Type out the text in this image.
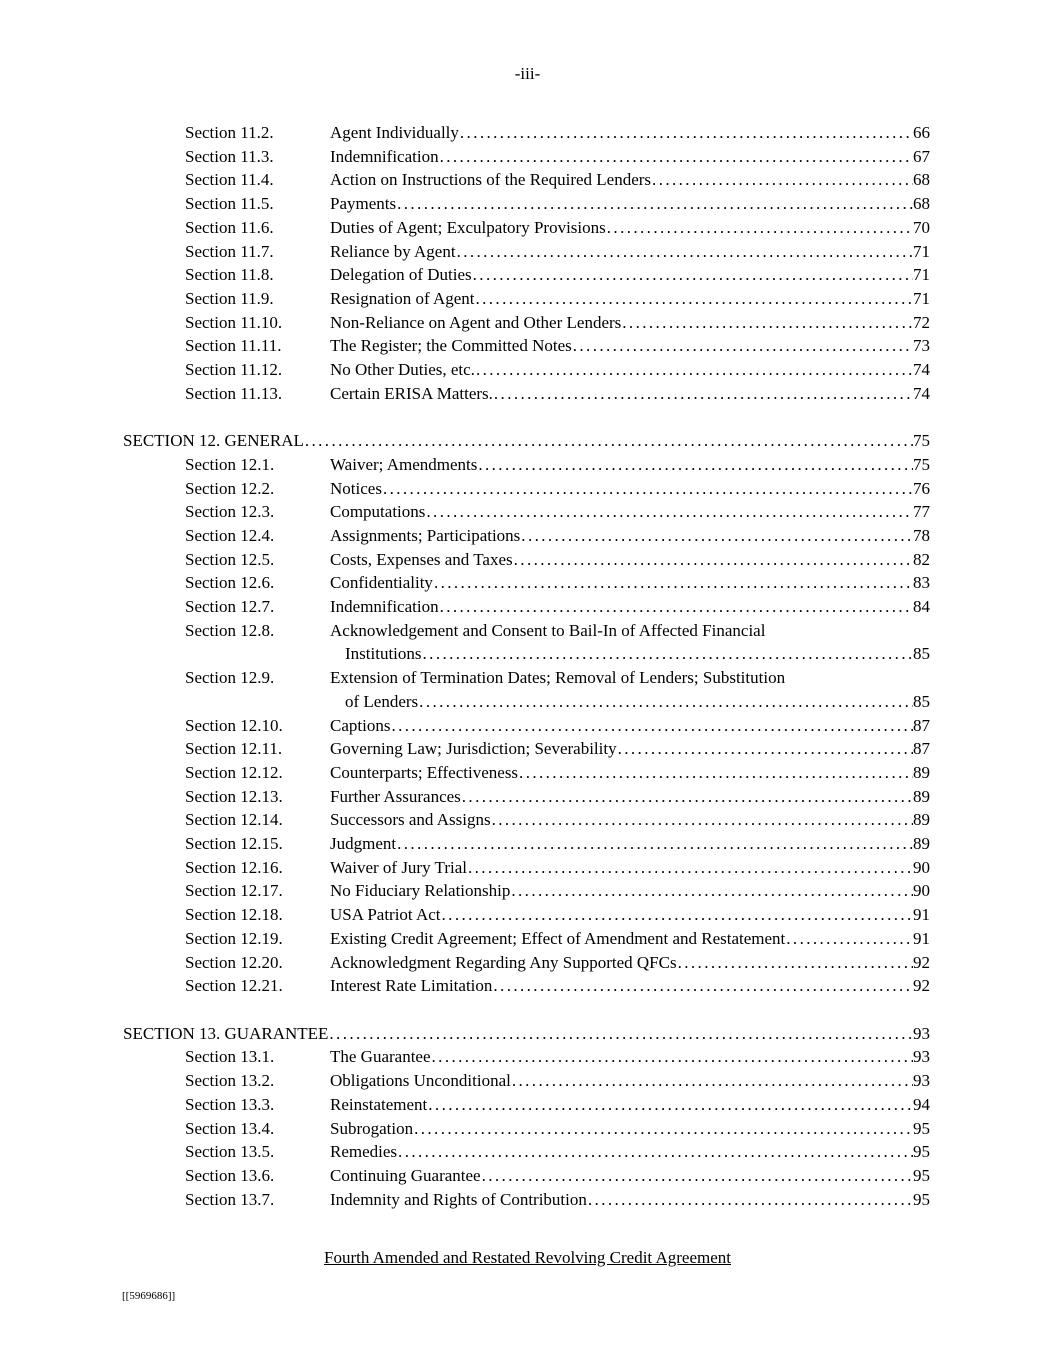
-iii-
Section 11.2.	Agent Individually .....	66
Section 11.3.	Indemnification .....	67
Section 11.4.	Action on Instructions of the Required Lenders .....	68
Section 11.5.	Payments .....	68
Section 11.6.	Duties of Agent; Exculpatory Provisions .....	70
Section 11.7.	Reliance by Agent .....	71
Section 11.8.	Delegation of Duties .....	71
Section 11.9.	Resignation of Agent .....	71
Section 11.10.	Non-Reliance on Agent and Other Lenders .....	72
Section 11.11.	The Register; the Committed Notes .....	73
Section 11.12.	No Other Duties, etc. .....	74
Section 11.13.	Certain ERISA Matters. .....	74
SECTION 12. GENERAL .....	75
Section 12.1.	Waiver; Amendments .....	75
Section 12.2.	Notices .....	76
Section 12.3.	Computations .....	77
Section 12.4.	Assignments; Participations .....	78
Section 12.5.	Costs, Expenses and Taxes .....	82
Section 12.6.	Confidentiality .....	83
Section 12.7.	Indemnification .....	84
Section 12.8.	Acknowledgement and Consent to Bail-In of Affected Financial
Institutions .....	85
Section 12.9.	Extension of Termination Dates; Removal of Lenders; Substitution
of Lenders .....	85
Section 12.10.	Captions .....	87
Section 12.11.	Governing Law; Jurisdiction; Severability .....	87
Section 12.12.	Counterparts; Effectiveness .....	89
Section 12.13.	Further Assurances .....	89
Section 12.14.	Successors and Assigns .....	89
Section 12.15.	Judgment .....	89
Section 12.16.	Waiver of Jury Trial .....	90
Section 12.17.	No Fiduciary Relationship .....	90
Section 12.18.	USA Patriot Act .....	91
Section 12.19.	Existing Credit Agreement; Effect of Amendment and Restatement .....	91
Section 12.20.	Acknowledgment Regarding Any Supported QFCs .....	92
Section 12.21.	Interest Rate Limitation .....	92
SECTION 13. GUARANTEE .....	93
Section 13.1.	The Guarantee .....	93
Section 13.2.	Obligations Unconditional .....	93
Section 13.3.	Reinstatement .....	94
Section 13.4.	Subrogation .....	95
Section 13.5.	Remedies .....	95
Section 13.6.	Continuing Guarantee .....	95
Section 13.7.	Indemnity and Rights of Contribution .....	95
Fourth Amended and Restated Revolving Credit Agreement
[[5969686]]
